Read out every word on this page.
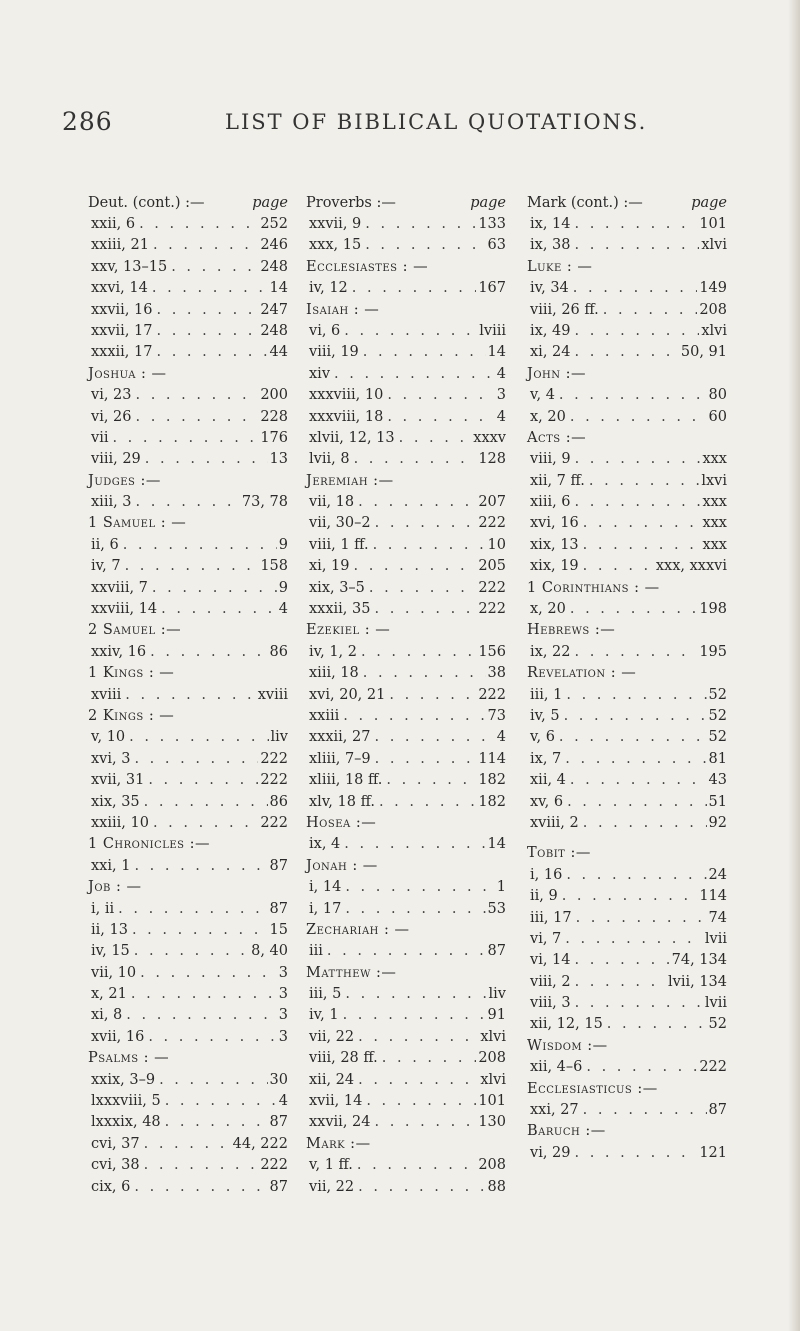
286	LIST OF BIBLICAL QUOTATIONS.
Deut. (cont.) :—	page
xxii, 6 . . .	252
xxiii, 21 . . .	246
xxv, 13–15 . . .	248
xxvi, 14 . . .	14
xxvii, 16 . . .	247
xxvii, 17 . . .	248
xxxii, 17 . . .	44
Joshua : —
vi, 23 . . .	200
vi, 26 . . .	228
vii . . .	176
viii, 29 . . .	13
Judges :—
xiii, 3 . . .	73, 78
1 Samuel : —
ii, 6 . . .	9
iv, 7 . . .	158
xxviii, 7 . . .	9
xxviii, 14 . . .	4
2 Samuel :—
xxiv, 16 . . .	86
1 Kings : —
xviii . . .	xviii
2 Kings : —
v, 10 . . .	liv
xvi, 3 . . .	222
xvii, 31 . . .	222
xix, 35 . . .	86
xxiii, 10 . . .	222
1 Chronicles :—
xxi, 1 . . .	87
Job : —
i, ii . . .	87
ii, 13 . . .	15
iv, 15 . . .	8, 40
vii, 10 . . .	3
x, 21 . . .	3
xi, 8 . . .	3
xvii, 16 . . .	3
Psalms : —
xxix, 3–9 . . .	30
lxxxviii, 5 . . .	4
lxxxix, 48 . . .	87
cvi, 37 . . .	44, 222
cvi, 38 . . .	222
cix, 6 . . .	87
Proverbs :—	page
xxvii, 9 . . .	133
xxx, 15 . . .	63
Ecclesiastes : —
iv, 12 . . .	167
Isaiah : —
vi, 6 . . .	lviii
viii, 19 . . .	14
xiv . . .	4
xxxviii, 10 . . .	3
xxxviii, 18 . . .	4
xlvii, 12, 13 . . .	xxxv
lvii, 8 . . .	128
Jeremiah :—
vii, 18 . . .	207
vii, 30–2 . . .	222
viii, 1 ff. . . .	10
xi, 19 . . .	205
xix, 3–5 . . .	222
xxxii, 35 . . .	222
Ezekiel : —
iv, 1, 2 . . .	156
xiii, 18 . . .	38
xvi, 20, 21 . . .	222
xxiii . . .	73
xxxii, 27 . . .	4
xliii, 7–9 . . .	114
xliii, 18 ff. . . .	182
xlv, 18 ff. . . .	182
Hosea :—
ix, 4 . . .	14
Jonah : —
i, 14 . . .	1
i, 17 . . .	53
Zechariah : —
iii . . .	87
Matthew :—
iii, 5 . . .	liv
iv, 1 . . .	91
vii, 22 . . .	xlvi
viii, 28 ff. . . .	208
xii, 24 . . .	xlvi
xvii, 14 . . .	101
xxvii, 24 . . .	130
Mark :—
v, 1 ff. . . .	208
vii, 22 . . .	88
Mark (cont.) :—	page
ix, 14 . . .	101
ix, 38 . . .	xlvi
Luke : —
iv, 34 . . .	149
viii, 26 ff. . . .	208
ix, 49 . . .	xlvi
xi, 24 . . .	50, 91
John :—
v, 4 . . .	80
x, 20 . . .	60
Acts :—
viii, 9 . . .	xxx
xii, 7 ff. . . .	lxvi
xiii, 6 . . .	xxx
xvi, 16 . . .	xxx
xix, 13 . . .	xxx
xix, 19 . . .	xxx, xxxvi
1 Corinthians : —
x, 20 . . .	198
Hebrews :—
ix, 22 . . .	195
Revelation : —
iii, 1 . . .	52
iv, 5 . . .	52
v, 6 . . .	52
ix, 7 . . .	81
xii, 4 . . .	43
xv, 6 . . .	51
xviii, 2 . . .	92
Tobit :—
i, 16 . . .	24
ii, 9 . . .	114
iii, 17 . . .	74
vi, 7 . . .	lvii
vi, 14 . . .	74, 134
viii, 2 . . .	lvii, 134
viii, 3 . . .	lvii
xii, 12, 15 . . .	52
Wisdom :—
xii, 4–6 . . .	222
Ecclesiasticus :—
xxi, 27 . . .	87
Baruch :—
vi, 29 . . .	121
